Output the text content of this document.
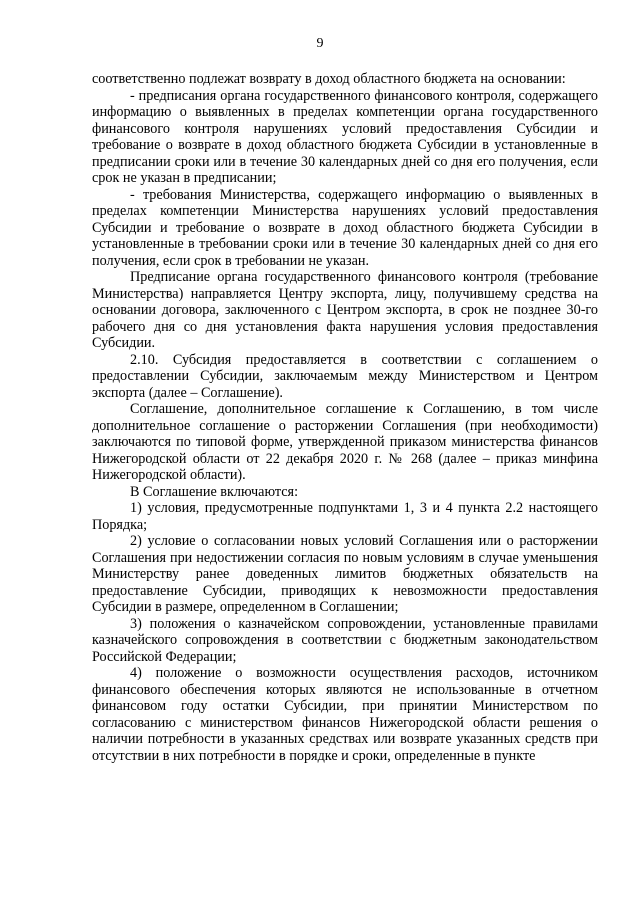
9

соответственно подлежат возврату в доход областного бюджета на основании:

- предписания органа государственного финансового контроля, содержащего информацию о выявленных в пределах компетенции органа государственного финансового контроля нарушениях условий предоставления Субсидии и требование о возврате в доход областного бюджета Субсидии в установленные в предписании сроки или в течение 30 календарных дней со дня его получения, если срок не указан в предписании;

- требования Министерства, содержащего информацию о выявленных в пределах компетенции Министерства нарушениях условий предоставления Субсидии и требование о возврате в доход областного бюджета Субсидии в установленные в требовании сроки или в течение 30 календарных дней со дня его получения, если срок в требовании не указан.

Предписание органа государственного финансового контроля (требование Министерства) направляется Центру экспорта, лицу, получившему средства на основании договора, заключенного с Центром экспорта, в срок не позднее 30-го рабочего дня со дня установления факта нарушения условия предоставления Субсидии.

2.10. Субсидия предоставляется в соответствии с соглашением о предоставлении Субсидии, заключаемым между Министерством и Центром экспорта (далее – Соглашение).

Соглашение, дополнительное соглашение к Соглашению, в том числе дополнительное соглашение о расторжении Соглашения (при необходимости) заключаются по типовой форме, утвержденной приказом министерства финансов Нижегородской области от 22 декабря 2020 г. № 268 (далее – приказ минфина Нижегородской области).

В Соглашение включаются:

1) условия, предусмотренные подпунктами 1, 3 и 4 пункта 2.2 настоящего Порядка;

2) условие о согласовании новых условий Соглашения или о расторжении Соглашения при недостижении согласия по новым условиям в случае уменьшения Министерству ранее доведенных лимитов бюджетных обязательств на предоставление Субсидии, приводящих к невозможности предоставления Субсидии в размере, определенном в Соглашении;

3) положения о казначейском сопровождении, установленные правилами казначейского сопровождения в соответствии с бюджетным законодательством Российской Федерации;

4) положение о возможности осуществления расходов, источником финансового обеспечения которых являются не использованные в отчетном финансовом году остатки Субсидии, при принятии Министерством по согласованию с министерством финансов Нижегородской области решения о наличии потребности в указанных средствах или возврате указанных средств при отсутствии в них потребности в порядке и сроки, определенные в пункте
